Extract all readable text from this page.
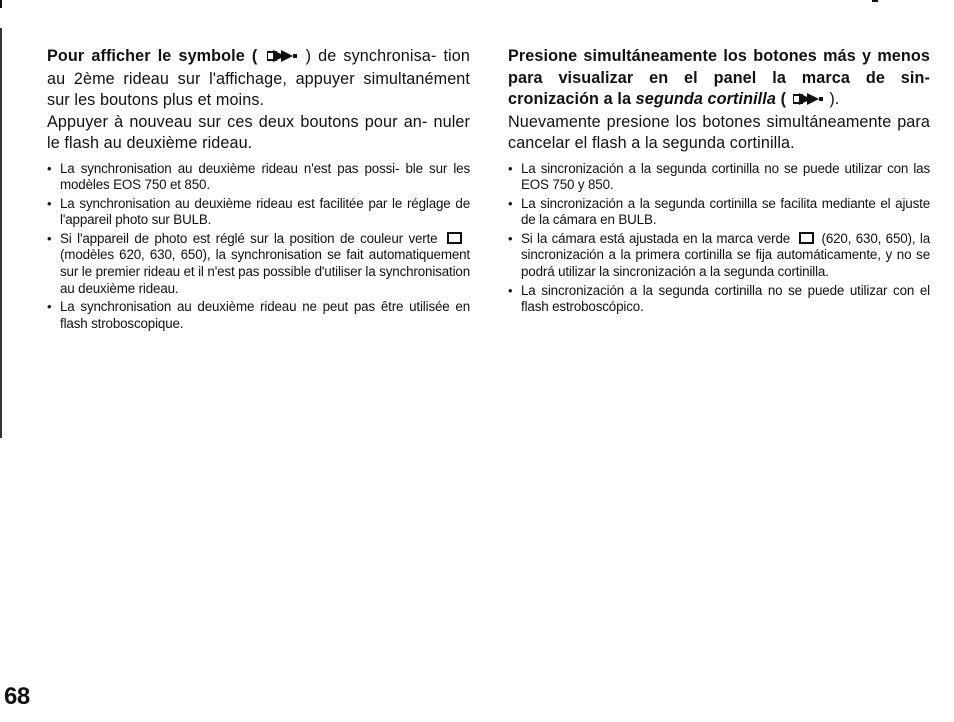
Pour afficher le symbole (	) de synchronisa- tion au 2ème rideau sur l'affichage, appuyer simultanément sur les boutons plus et moins.

Appuyer à nouveau sur ces deux boutons pour an- nuler le flash au deuxième rideau.

• La synchronisation au deuxième rideau n'est pas possi- ble sur les modèles EOS 750 et 850.
• La synchronisation au deuxième rideau est facilitée par le réglage de l'appareil photo sur BULB.
• Si l'appareil de photo est réglé sur la position de couleur verte (modèles 620, 630, 650), la synchronisation se fait automatiquement sur le premier rideau et il n'est pas possible d'utiliser la synchronisation au deuxième rideau.
• La synchronisation au deuxième rideau ne peut pas être utilisée en flash stroboscopique.

Presione simultáneamente los botones más y menos para visualizar en el panel la marca de sin- cronización a la segunda cortinilla (	).

Nuevamente presione los botones simultáneamente para cancelar el flash a la segunda cortinilla.

• La sincronización a la segunda cortinilla no se puede utilizar con las EOS 750 y 850.
• La sincronización a la segunda cortinilla se facilita mediante el ajuste de la cámara en BULB.
• Si la cámara está ajustada en la marca verde (620, 630, 650), la sincronización a la primera cortinilla se fija automáticamente, y no se podrá utilizar la sincronización a la segunda cortinilla.
• La sincronización a la segunda cortinilla no se puede utilizar con el flash estroboscópico.
68
